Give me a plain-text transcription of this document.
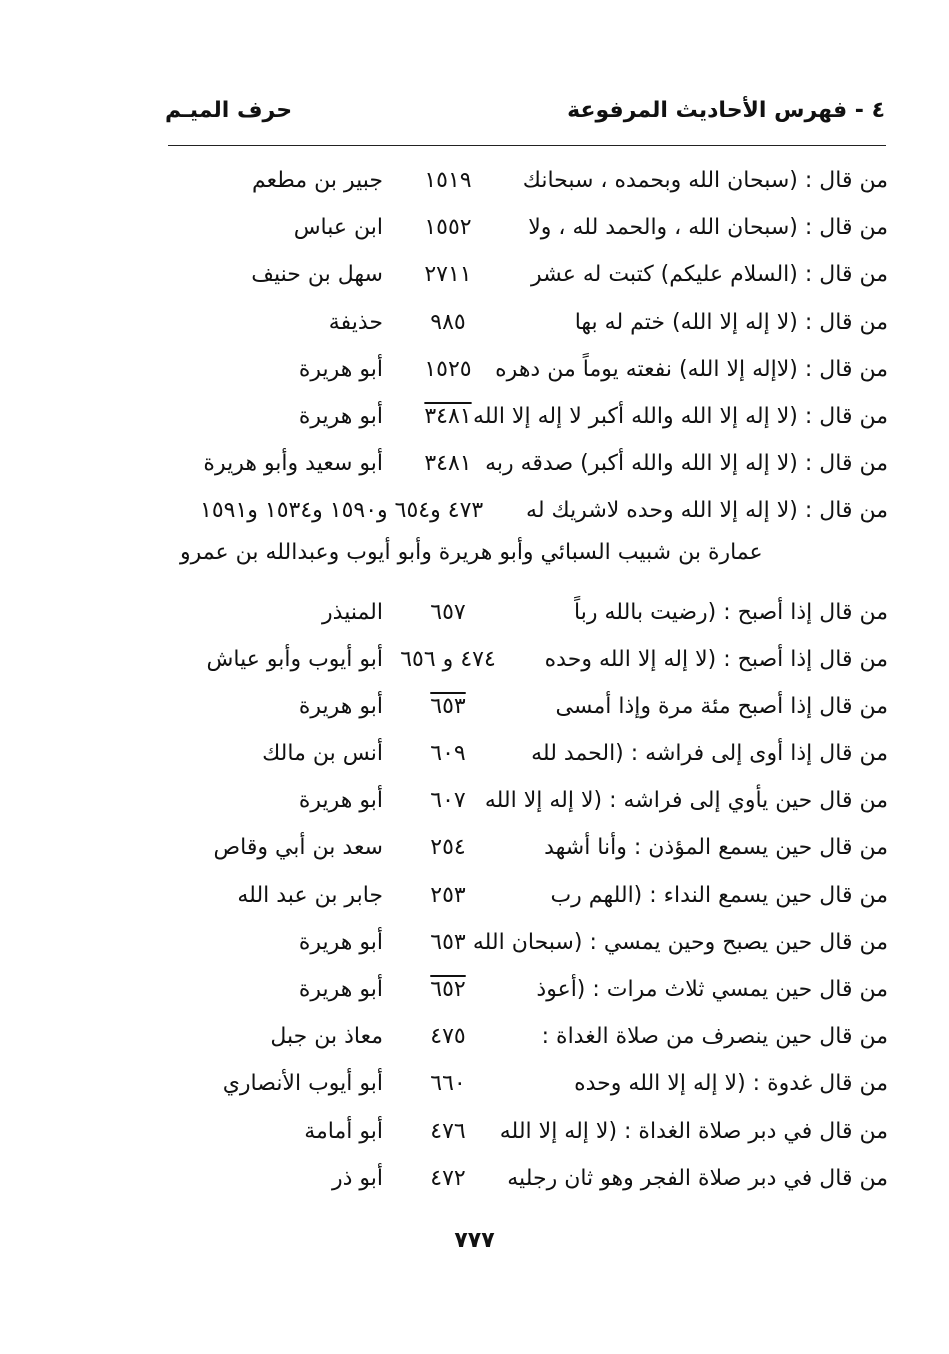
٤ - فهرس الأحاديث المرفوعة
حرف الميـم
من قال : (سبحان الله وبحمده ، سبحانك
١٥١٩
جبير بن مطعم
من قال : (سبحان الله ، والحمد لله ، ولا
١٥٥٢
ابن عباس
من قال : (السلام عليكم) كتبت له عشر
٢٧١١
سهل بن حنيف
من قال : (لا إله إلا الله) ختم له بها
٩٨٥
حذيفة
من قال : (لاإله إلا الله) نفعته يوماً من دهره
١٥٢٥
أبو هريرة
من قال : (لا إله إلا الله والله أكبر لا إله إلا الله
٣٤٨١
أبو هريرة
من قال : (لا إله إلا الله والله أكبر) صدقه ربه
٣٤٨١
أبو سعيد وأبو هريرة
من قال : (لا إله إلا الله وحده لاشريك له
٤٧٣ و٦٥٤ و١٥٩٠ و١٥٣٤ و١٥٩١
عمارة بن شبيب السبائي وأبو هريرة وأبو أيوب وعبدالله بن عمرو
من قال إذا أصبح : (رضيت بالله رباً
٦٥٧
المنيذر
من قال إذا أصبح : (لا إله إلا الله وحده
٤٧٤ و ٦٥٦
أبو أيوب وأبو عياش
من قال إذا أصبح مئة مرة وإذا أمسى
٦٥٣
أبو هريرة
من قال إذا أوى إلى فراشه : (الحمد لله
٦٠٩
أنس بن مالك
من قال حين يأوي إلى فراشه : (لا إله إلا الله
٦٠٧
أبو هريرة
من قال حين يسمع المؤذن : وأنا أشهد
٢٥٤
سعد بن أبي وقاص
من قال حين يسمع النداء : (اللهم رب
٢٥٣
جابر بن عبد الله
من قال حين يصبح وحين يمسي : (سبحان الله
٦٥٣
أبو هريرة
من قال حين يمسي ثلاث مرات : (أعوذ
٦٥٢
أبو هريرة
من قال حين ينصرف من صلاة الغداة :
٤٧٥
معاذ بن جبل
من قال غدوة : (لا إله إلا الله وحده
٦٦٠
أبو أيوب الأنصاري
من قال في دبر صلاة الغداة : (لا إله إلا الله
٤٧٦
أبو أمامة
من قال في دبر صلاة الفجر وهو ثان رجليه
٤٧٢
أبو ذر
٧٧٧
